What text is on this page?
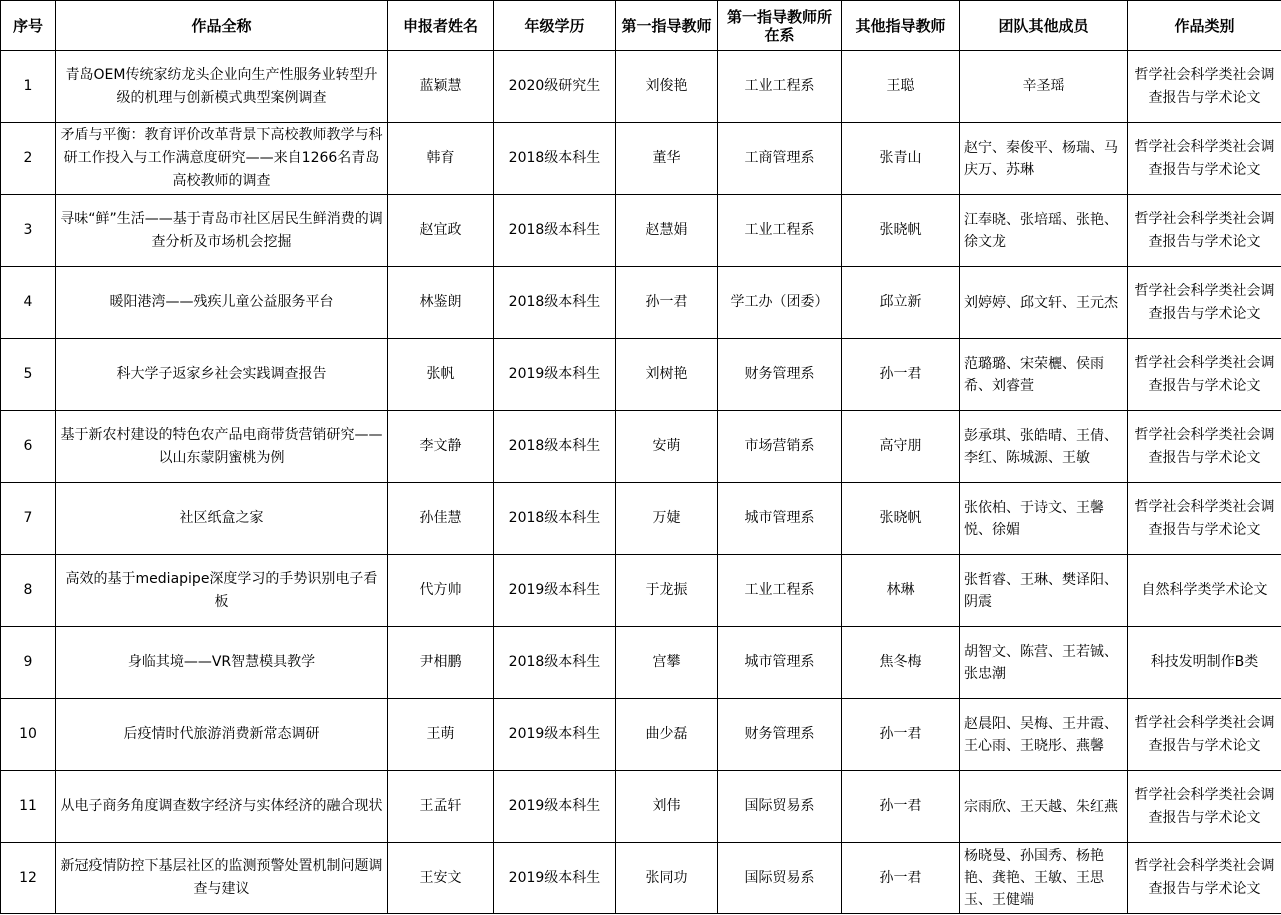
序号	作品全称	申报者姓名	年级学历	第一指导教师	第一指导教师所在系	其他指导教师	团队其他成员	作品类别
1	青岛OEM传统家纺龙头企业向生产性服务业转型升级的机理与创新模式典型案例调查	蓝颖慧	2020级研究生	刘俊艳	工业工程系	王聪	辛圣瑶	哲学社会科学类社会调查报告与学术论文
2	矛盾与平衡：教育评价改革背景下高校教师教学与科研工作投入与工作满意度研究——来自1266名青岛高校教师的调查	韩育	2018级本科生	董华	工商管理系	张青山	赵宁、秦俊平、杨瑞、马庆万、苏琳	哲学社会科学类社会调查报告与学术论文
3	寻味“鲜”生活——基于青岛市社区居民生鲜消费的调查分析及市场机会挖掘	赵宜政	2018级本科生	赵慧娟	工业工程系	张晓帆	江奉晓、张培瑶、张艳、徐文龙	哲学社会科学类社会调查报告与学术论文
4	暖阳港湾——残疾儿童公益服务平台	林鉴朗	2018级本科生	孙一君	学工办（团委）	邱立新	刘婷婷、邱文轩、王元杰	哲学社会科学类社会调查报告与学术论文
5	科大学子返家乡社会实践调查报告	张帆	2019级本科生	刘树艳	财务管理系	孙一君	范璐璐、宋荣欐、侯雨希、刘睿萱	哲学社会科学类社会调查报告与学术论文
6	基于新农村建设的特色农产品电商带货营销研究——以山东蒙阴蜜桃为例	李文静	2018级本科生	安萌	市场营销系	高守朋	彭承琪、张皓晴、王倩、李红、陈城源、王敏	哲学社会科学类社会调查报告与学术论文
7	社区纸盒之家	孙佳慧	2018级本科生	万婕	城市管理系	张晓帆	张依柏、于诗文、王馨悦、徐媚	哲学社会科学类社会调查报告与学术论文
8	高效的基于mediapipe深度学习的手势识别电子看板	代方帅	2019级本科生	于龙振	工业工程系	林琳	张哲睿、王琳、樊译阳、阴震	自然科学类学术论文
9	身临其境——VR智慧模具教学	尹相鹏	2018级本科生	宫攀	城市管理系	焦冬梅	胡智文、陈营、王若铖、张忠潮	科技发明制作B类
10	后疫情时代旅游消费新常态调研	王萌	2019级本科生	曲少磊	财务管理系	孙一君	赵晨阳、吴梅、王井霞、王心雨、王晓彤、燕馨	哲学社会科学类社会调查报告与学术论文
11	从电子商务角度调查数字经济与实体经济的融合现状	王孟轩	2019级本科生	刘伟	国际贸易系	孙一君	宗雨欣、王天越、朱红燕	哲学社会科学类社会调查报告与学术论文
12	新冠疫情防控下基层社区的监测预警处置机制问题调查与建议	王安文	2019级本科生	张同功	国际贸易系	孙一君	杨晓曼、孙国秀、杨艳艳、龚艳、王敏、王思玉、王健端	哲学社会科学类社会调查报告与学术论文
